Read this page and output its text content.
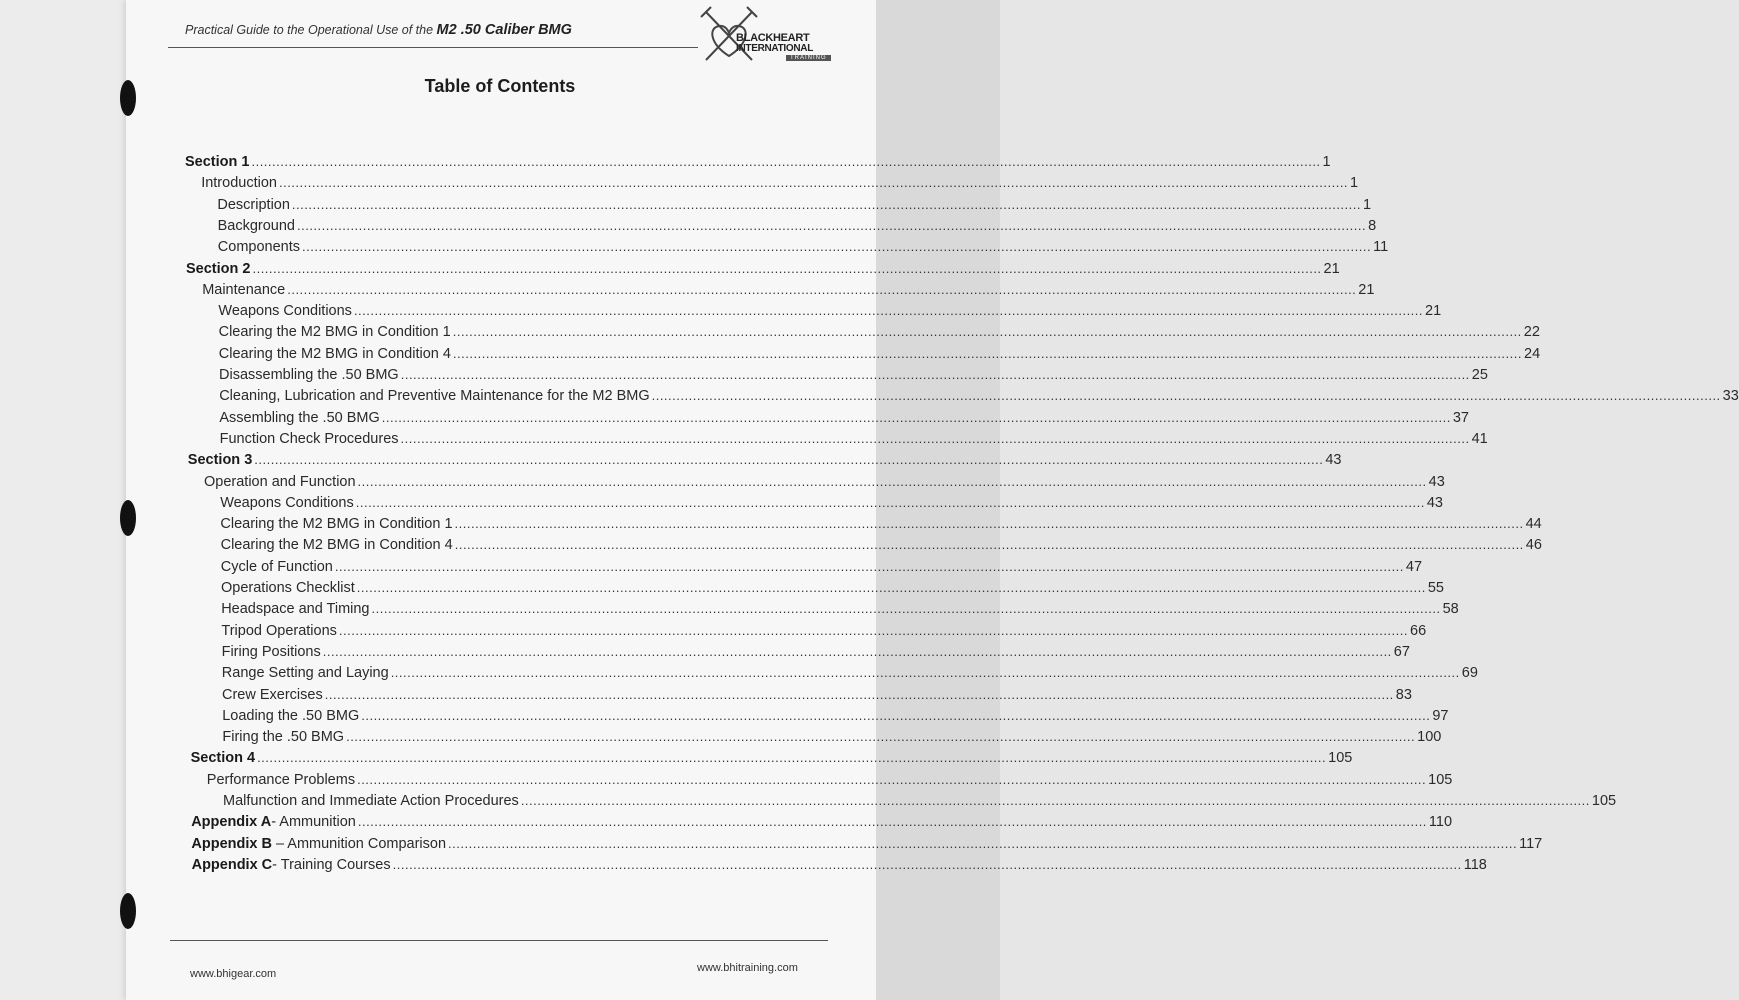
Practical Guide to the Operational Use of the M2 .50 Caliber BMG	BLACKHEART
INTERNATIONAL
TRAINING
Table of Contents
Section 1 .................................................................................................................................................................................................................................................................... 1
Introduction .................................................................................................................................................................................................................................................................... 1
Description .................................................................................................................................................................................................................................................................... 1
Background .................................................................................................................................................................................................................................................................... 8
Components .................................................................................................................................................................................................................................................................... 11
Section 2 .................................................................................................................................................................................................................................................................... 21
Maintenance .................................................................................................................................................................................................................................................................... 21
Weapons Conditions .................................................................................................................................................................................................................................................................... 21
Clearing the M2 BMG in Condition 1 .................................................................................................................................................................................................................................................................... 22
Clearing the M2 BMG in Condition 4 .................................................................................................................................................................................................................................................................... 24
Disassembling the .50 BMG .................................................................................................................................................................................................................................................................... 25
Cleaning, Lubrication and Preventive Maintenance for the M2 BMG .................................................................................................................................................................................................................................................................... 33
Assembling the .50 BMG .................................................................................................................................................................................................................................................................... 37
Function Check Procedures .................................................................................................................................................................................................................................................................... 41
Section 3 .................................................................................................................................................................................................................................................................... 43
Operation and Function .................................................................................................................................................................................................................................................................... 43
Weapons Conditions .................................................................................................................................................................................................................................................................... 43
Clearing the M2 BMG in Condition 1 .................................................................................................................................................................................................................................................................... 44
Clearing the M2 BMG in Condition 4 .................................................................................................................................................................................................................................................................... 46
Cycle of Function .................................................................................................................................................................................................................................................................... 47
Operations Checklist .................................................................................................................................................................................................................................................................... 55
Headspace and Timing .................................................................................................................................................................................................................................................................... 58
Tripod Operations .................................................................................................................................................................................................................................................................... 66
Firing Positions .................................................................................................................................................................................................................................................................... 67
Range Setting and Laying .................................................................................................................................................................................................................................................................... 69
Crew Exercises .................................................................................................................................................................................................................................................................... 83
Loading the .50 BMG .................................................................................................................................................................................................................................................................... 97
Firing the .50 BMG .................................................................................................................................................................................................................................................................... 100
Section 4 .................................................................................................................................................................................................................................................................... 105
Performance Problems .................................................................................................................................................................................................................................................................... 105
Malfunction and Immediate Action Procedures .................................................................................................................................................................................................................................................................... 105
Appendix A- Ammunition .................................................................................................................................................................................................................................................................... 110
Appendix B – Ammunition Comparison .................................................................................................................................................................................................................................................................... 117
Appendix C- Training Courses .................................................................................................................................................................................................................................................................... 118
www.bhigear.com	www.bhitraining.com
